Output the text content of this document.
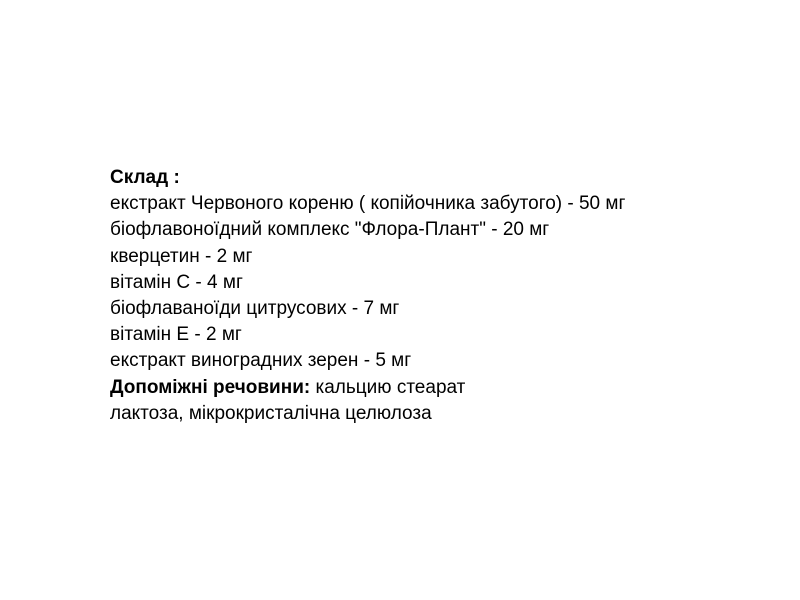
Склад :
екстракт Червоного кореню ( копійочника забутого) - 50 мг
біофлавоноїдний комплекс "Флора-Плант" - 20 мг
кверцетин - 2 мг
вітамін С - 4 мг
біофлаваноїди цитрусових - 7 мг
вітамін Е - 2 мг
екстракт виноградних зерен - 5 мг
Допоміжні речовини: кальцию стеарат
лактоза, мікрокристалічна целюлоза
